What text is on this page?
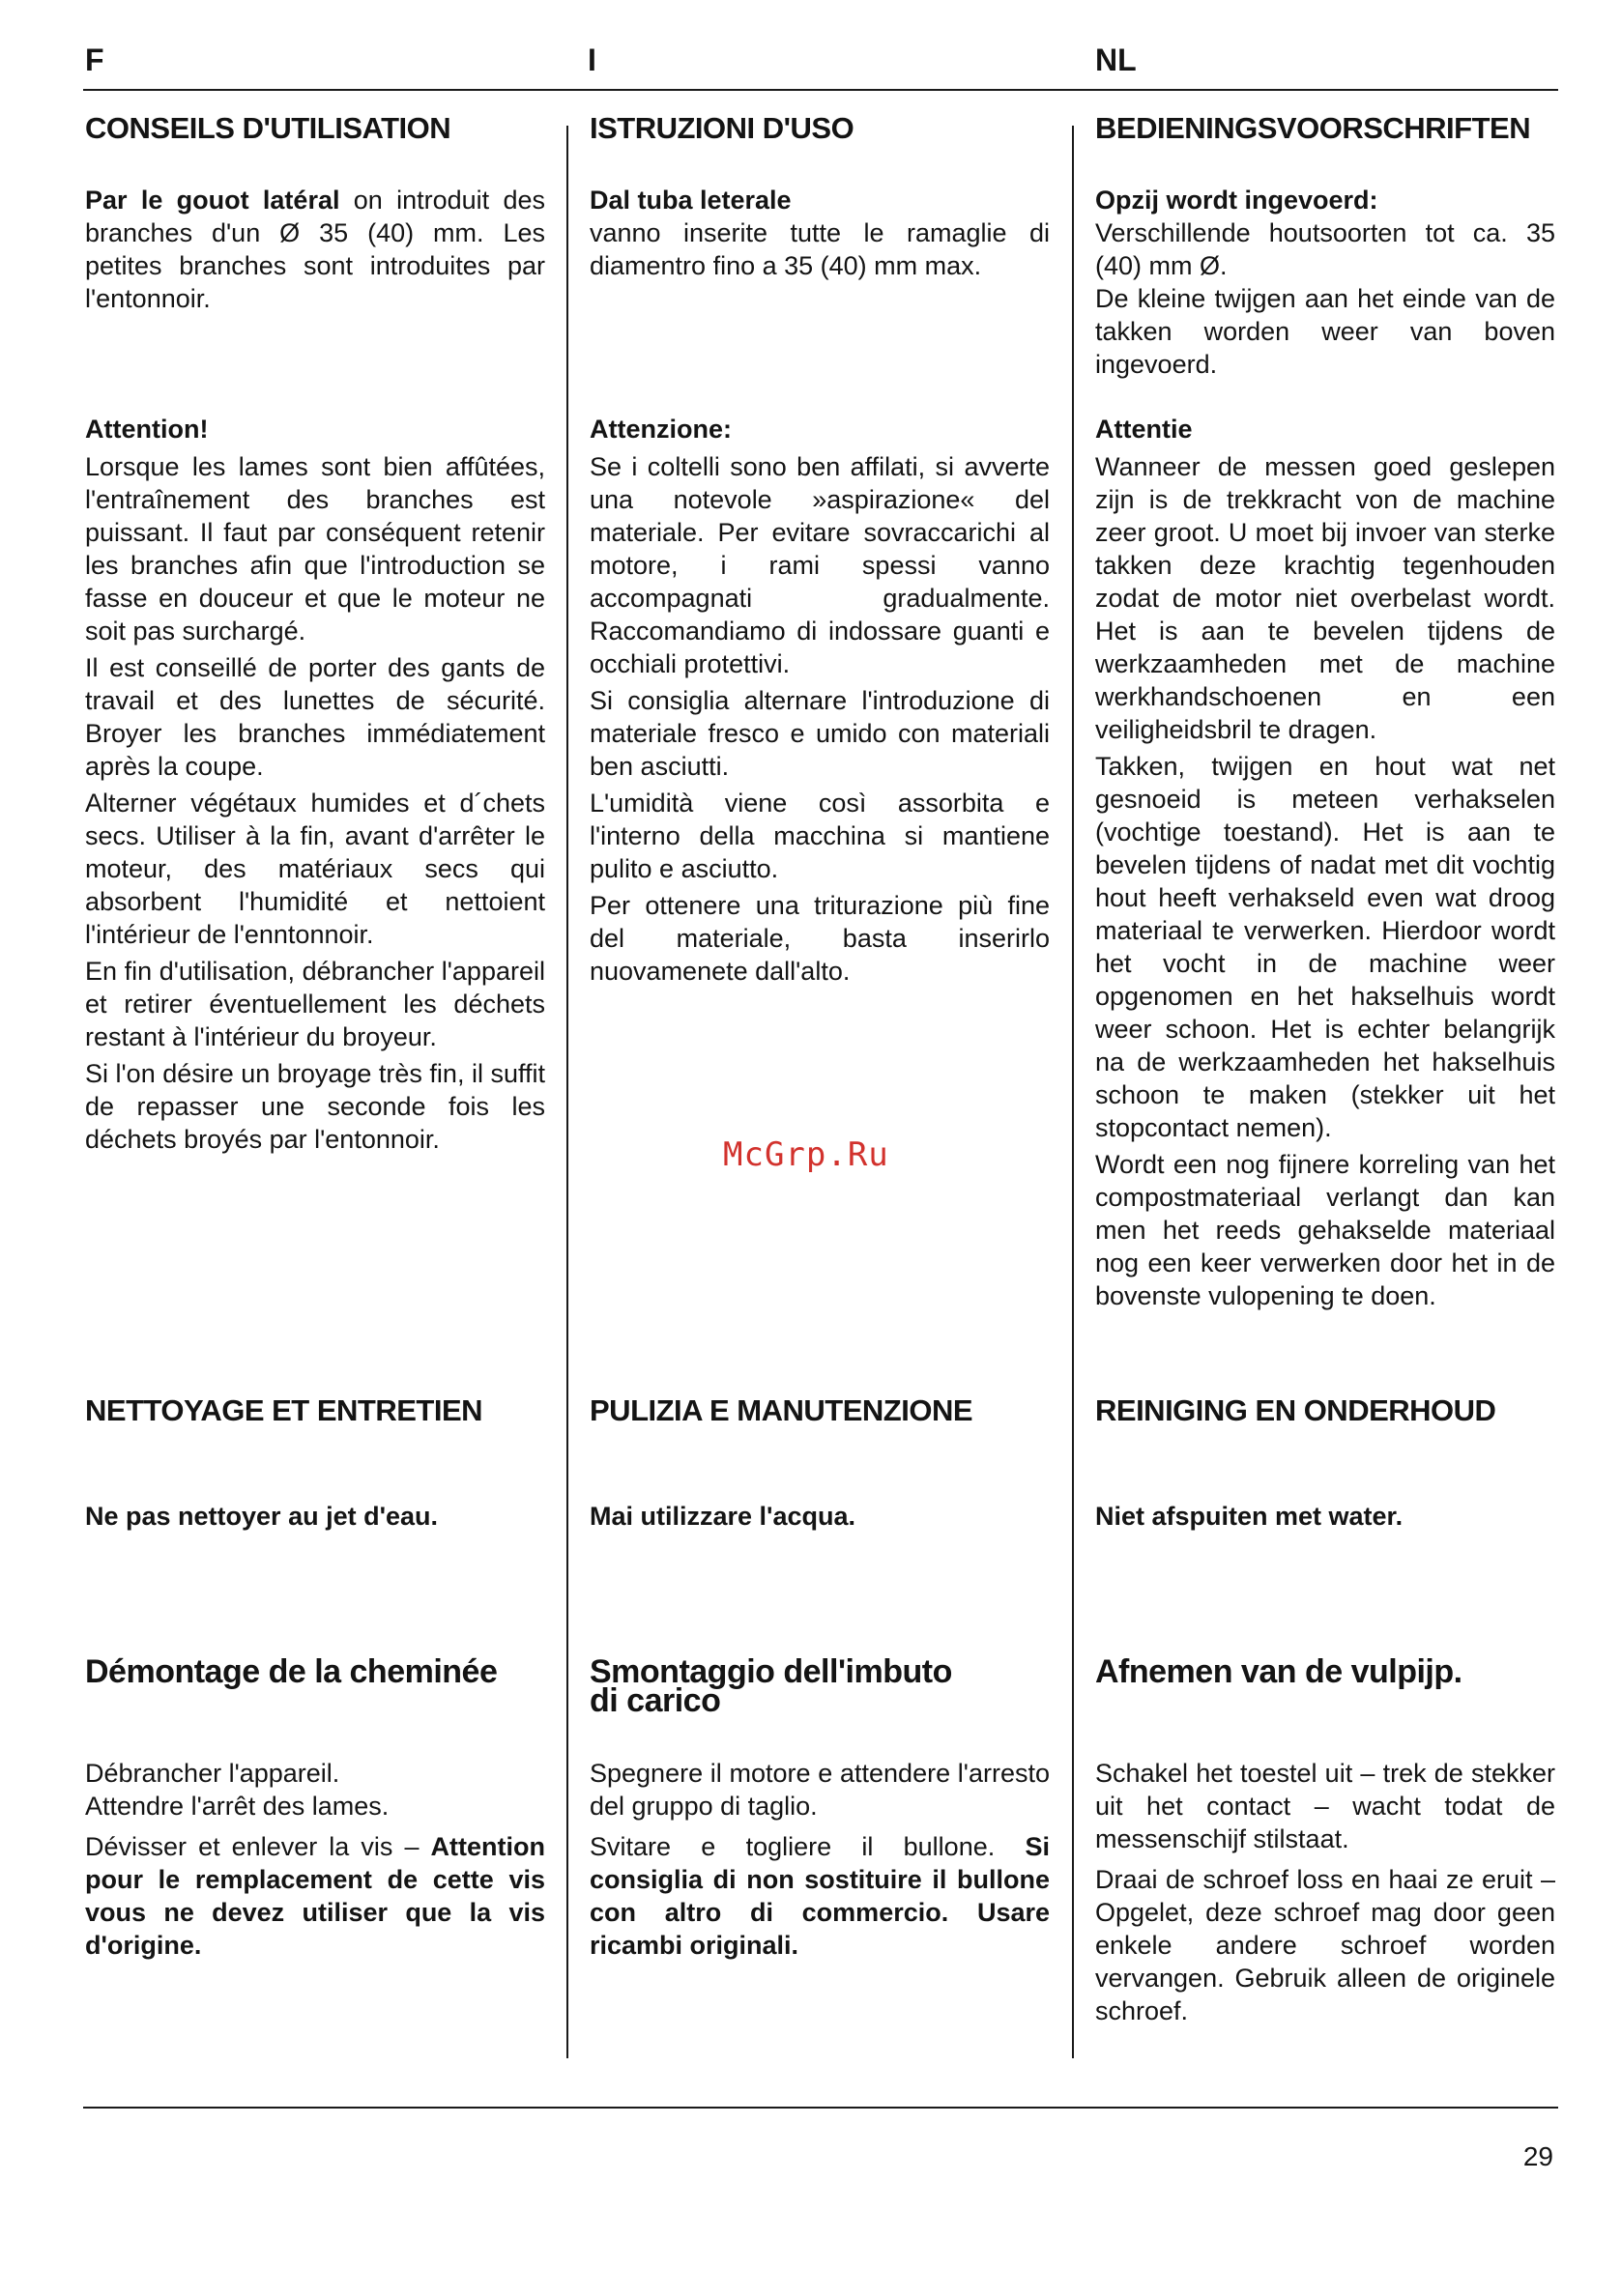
F	I	NL
CONSEILS D'UTILISATION

Par le gouot latéral on introduit des branches d'un Ø 35 (40) mm. Les petites branches sont introduites par l'entonnoir.

Attention!

Lorsque les lames sont bien affûtées, l'entraînement des branches est puissant. Il faut par conséquent retenir les branches afin que l'introduction se fasse en douceur et que le moteur ne soit pas surchargé.

Il est conseillé de porter des gants de travail et des lunettes de sécurité. Broyer les branches immédiatement après la coupe.

Alterner végétaux humides et d´chets secs. Utiliser à la fin, avant d'arrêter le moteur, des matériaux secs qui absorbent l'humidité et nettoient l'intérieur de l'enntonnoir.

En fin d'utilisation, débrancher l'appareil et retirer éventuellement les déchets restant à l'intérieur du broyeur.

Si l'on désire un broyage très fin, il suffit de repasser une seconde fois les déchets broyés par l'entonnoir.

NETTOYAGE ET ENTRETIEN
Ne pas nettoyer au jet d'eau.
Démontage de la cheminée

Débrancher l'appareil.

Attendre l'arrêt des lames.

Dévisser et enlever la vis – Attention pour le remplacement de cette vis vous ne devez utiliser que la vis d'origine.

ISTRUZIONI D'USO
Dal tuba leterale

vanno inserite tutte le ramaglie di diamentro fino a 35 (40) mm max.

Attenzione:

Se i coltelli sono ben affilati, si avverte una notevole »aspirazione« del materiale. Per evitare sovraccarichi al motore, i rami spessi vanno accompagnati gradualmente. Raccomandiamo di indossare guanti e occhiali protettivi.

Si consiglia alternare l'introduzione di materiale fresco e umido con materiali ben asciutti.

L'umidità viene così assorbita e l'interno della macchina si mantiene pulito e asciutto.

Per ottenere una triturazione più fine del materiale, basta inserirlo nuovamenete dall'alto.

PULIZIA E MANUTENZIONE
Mai utilizzare l'acqua.
Smontaggio dell'imbuto
di carico

Spegnere il motore e attendere l'arresto del gruppo di taglio.

Svitare e togliere il bullone. Si consiglia di non sostituire il bullone con altro di commercio. Usare ricambi originali.

BEDIENINGSVOORSCHRIFTEN
Opzij wordt ingevoerd:

Verschillende houtsoorten tot ca. 35 (40) mm Ø.

De kleine twijgen aan het einde van de takken worden weer van boven ingevoerd.

Attentie

Wanneer de messen goed geslepen zijn is de trekkracht von de machine zeer groot. U moet bij invoer van sterke takken deze krachtig tegenhouden zodat de motor niet overbelast wordt. Het is aan te bevelen tijdens de werkzaamheden met de machine werkhandschoenen en een veiligheidsbril te dragen.

Takken, twijgen en hout wat net gesnoeid is meteen verhakselen (vochtige toestand). Het is aan te bevelen tijdens of nadat met dit vochtig hout heeft verhakseld even wat droog materiaal te verwerken. Hierdoor wordt het vocht in de machine weer opgenomen en het hakselhuis wordt weer schoon. Het is echter belangrijk na de werkzaamheden het hakselhuis schoon te maken (stekker uit het stopcontact nemen).

Wordt een nog fijnere korreling van het compostmateriaal verlangt dan kan men het reeds gehakselde materiaal nog een keer verwerken door het in de bovenste vulopening te doen.

REINIGING EN ONDERHOUD
Niet afspuiten met water.
Afnemen van de vulpijp.

Schakel het toestel uit – trek de stekker uit het contact – wacht todat de messenschijf stilstaat.

Draai de schroef loss en haai ze eruit – Opgelet, deze schroef mag door geen enkele andere schroef worden vervangen. Gebruik alleen de originele schroef.

McGrp.Ru
29
